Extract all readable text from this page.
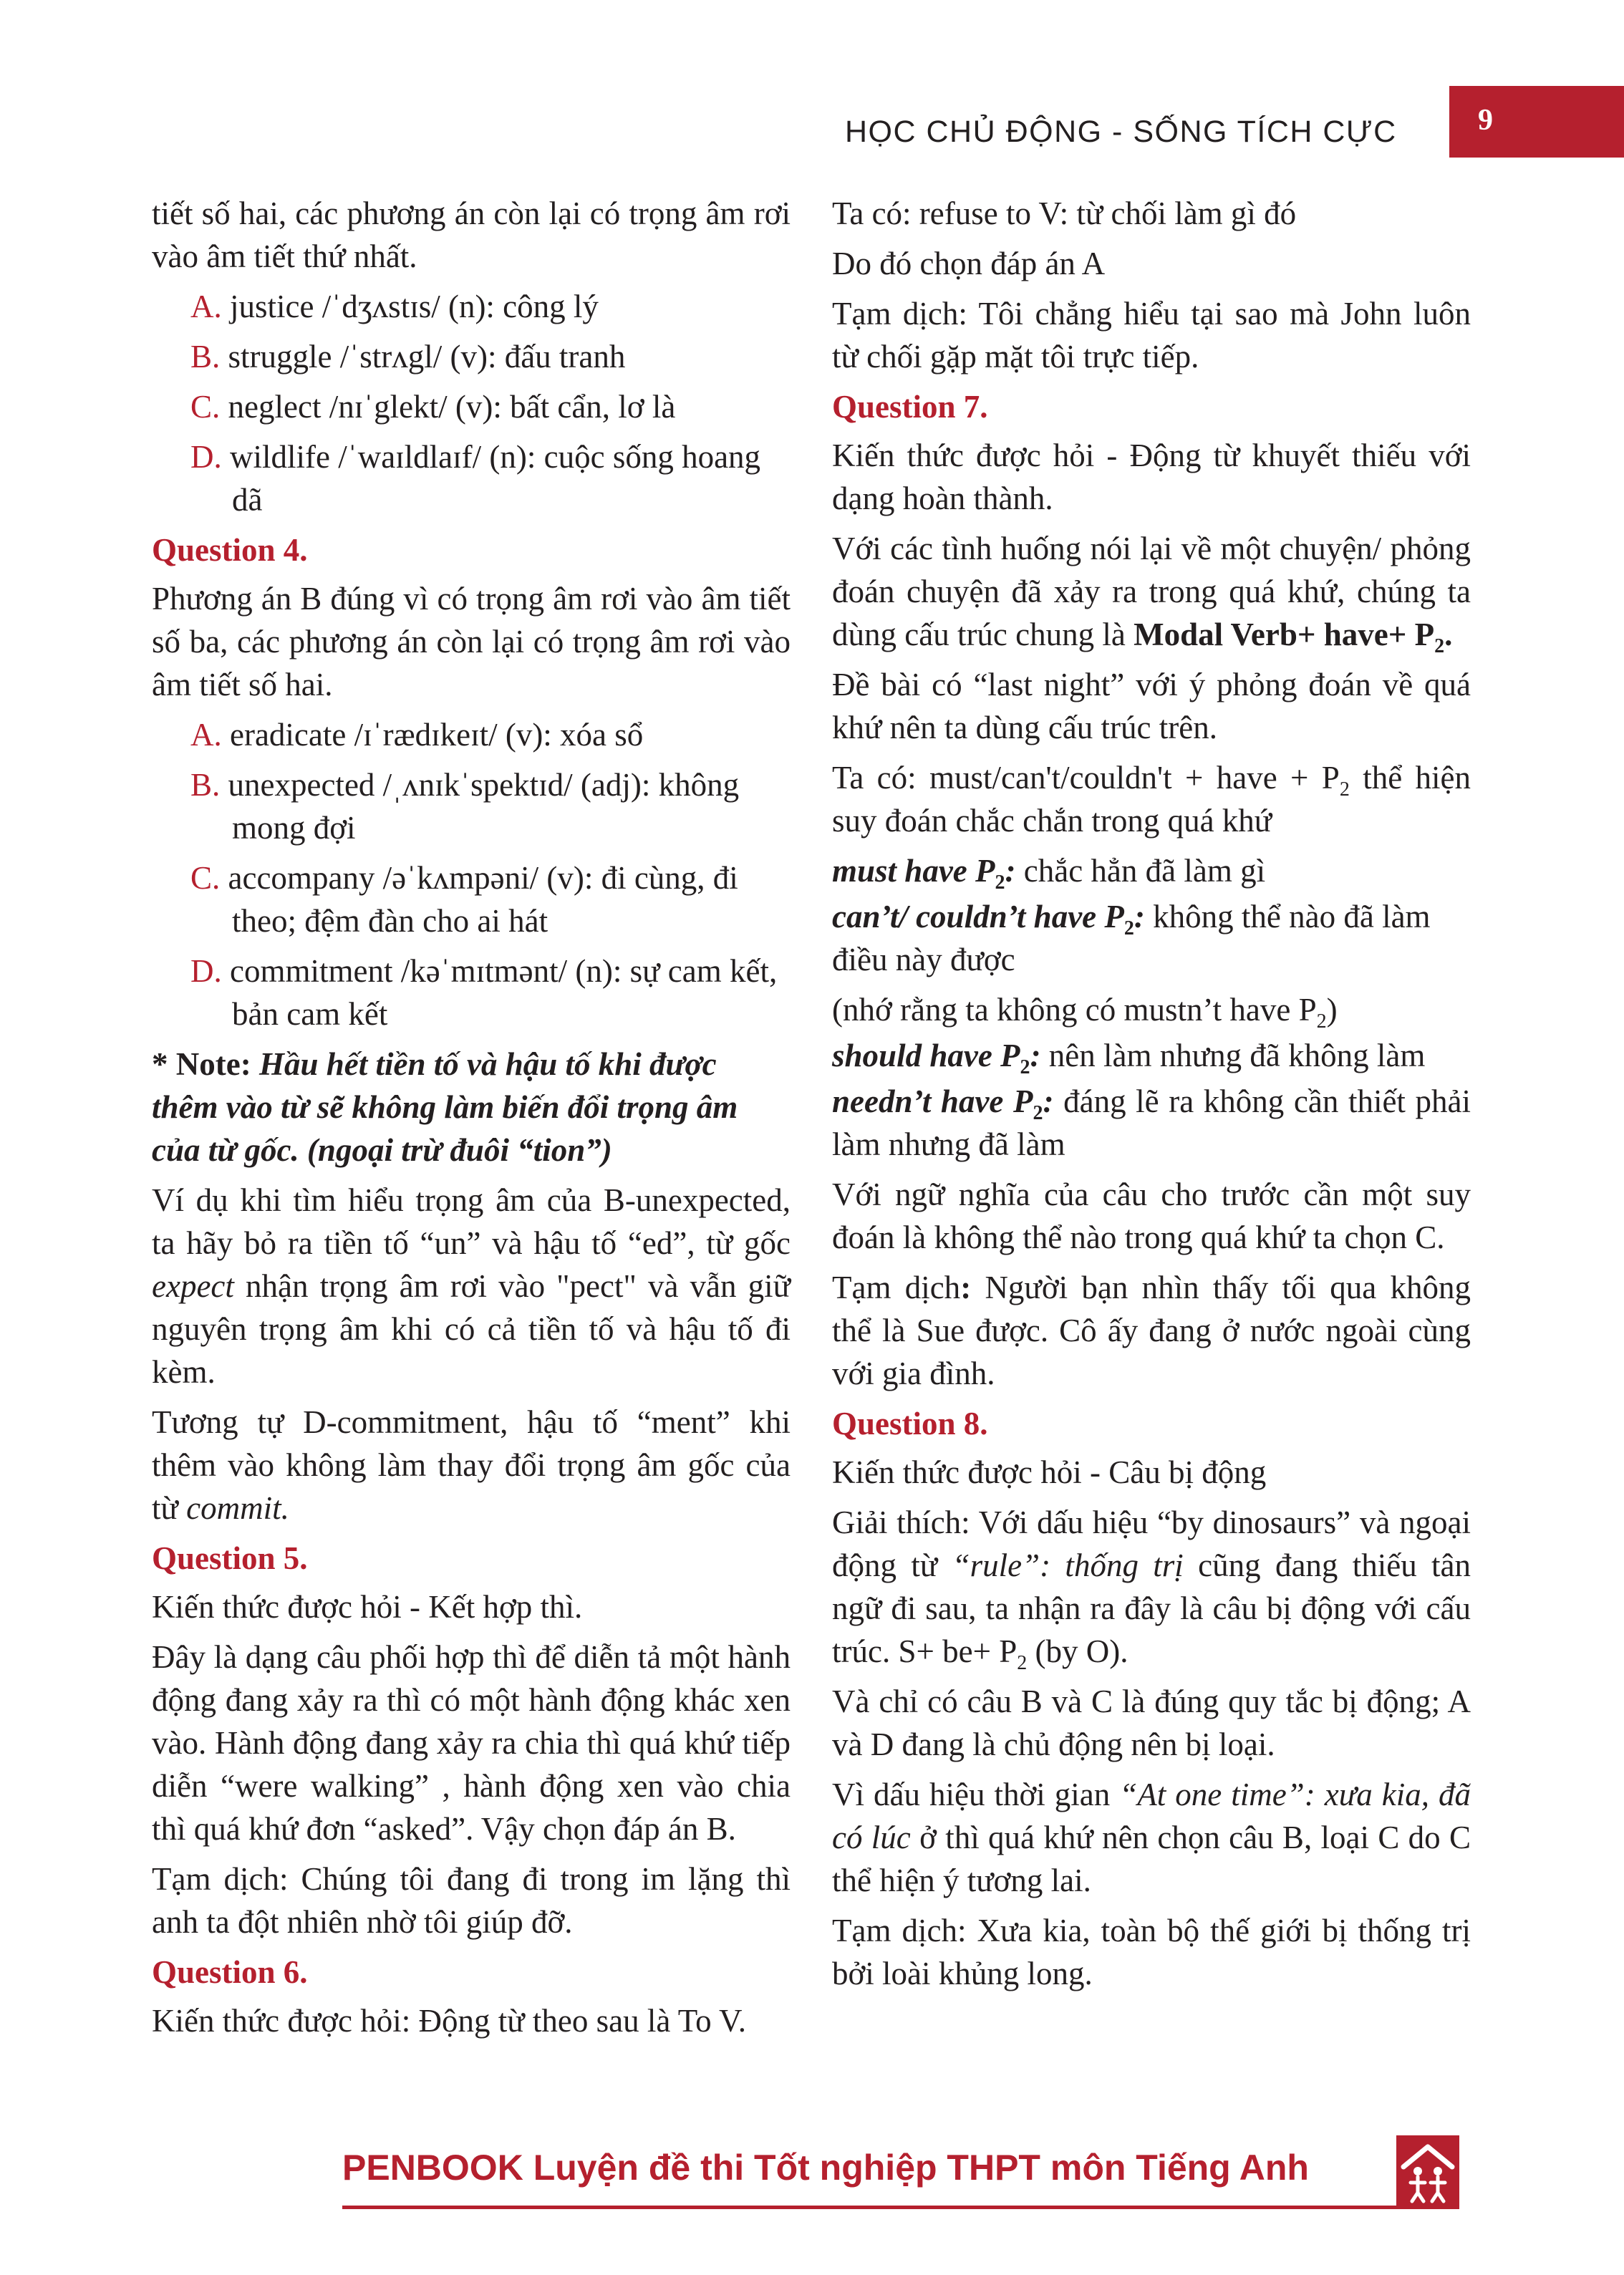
HỌC CHỦ ĐỘNG - SỐNG TÍCH CỰC	9

tiết số hai, các phương án còn lại có trọng âm rơi vào âm tiết thứ nhất.

A. justice /ˈdʒʌstɪs/ (n): công lý

B. struggle /ˈstrʌgl/ (v): đấu tranh

C. neglect /nɪˈglekt/ (v): bất cẩn, lơ là

D. wildlife /ˈwaɪldlaɪf/ (n): cuộc sống hoang dã

Question 4.

Phương án B đúng vì có trọng âm rơi vào âm tiết số ba, các phương án còn lại có trọng âm rơi vào âm tiết số hai.

A. eradicate /ɪˈrædɪkeɪt/ (v): xóa sổ

B. unexpected /ˌʌnɪkˈspektɪd/ (adj): không mong đợi

C. accompany /əˈkʌmpəni/ (v): đi cùng, đi theo; đệm đàn cho ai hát

D. commitment /kəˈmɪtmənt/ (n): sự cam kết, bản cam kết

* Note: Hầu hết tiền tố và hậu tố khi được thêm vào từ sẽ không làm biến đổi trọng âm của từ gốc. (ngoại trừ đuôi “tion”)

Ví dụ khi tìm hiểu trọng âm của B-unexpected, ta hãy bỏ ra tiền tố “un” và hậu tố “ed”, từ gốc expect nhận trọng âm rơi vào "pect" và vẫn giữ nguyên trọng âm khi có cả tiền tố và hậu tố đi kèm.

Tương tự D-commitment, hậu tố “ment” khi thêm vào không làm thay đổi trọng âm gốc của từ commit.

Question 5.

Kiến thức được hỏi - Kết hợp thì.

Đây là dạng câu phối hợp thì để diễn tả một hành động đang xảy ra thì có một hành động khác xen vào. Hành động đang xảy ra chia thì quá khứ tiếp diễn “were walking” , hành động xen vào chia thì quá khứ đơn “asked”. Vậy chọn đáp án B.

Tạm dịch: Chúng tôi đang đi trong im lặng thì anh ta đột nhiên nhờ tôi giúp đỡ.

Question 6.

Kiến thức được hỏi: Động từ theo sau là To V.

Ta có: refuse to V: từ chối làm gì đó

Do đó chọn đáp án A

Tạm dịch: Tôi chẳng hiểu tại sao mà John luôn từ chối gặp mặt tôi trực tiếp.

Question 7.

Kiến thức được hỏi - Động từ khuyết thiếu với dạng hoàn thành.

Với các tình huống nói lại về một chuyện/ phỏng đoán chuyện đã xảy ra trong quá khứ, chúng ta dùng cấu trúc chung là Modal Verb+ have+ $P_2$.

Đề bài có “last night” với ý phỏng đoán về quá khứ nên ta dùng cấu trúc trên.

Ta có: must/can't/couldn't + have + $P_2$ thể hiện suy đoán chắc chắn trong quá khứ

must have $P_2$: chắc hẳn đã làm gì

can’t/ couldn’t have $P_2$: không thể nào đã làm điều này được

(nhớ rằng ta không có mustn’t have $P_2$)

should have $P_2$: nên làm nhưng đã không làm

needn’t have $P_2$: đáng lẽ ra không cần thiết phải làm nhưng đã làm

Với ngữ nghĩa của câu cho trước cần một suy đoán là không thể nào trong quá khứ ta chọn C.

Tạm dịch: Người bạn nhìn thấy tối qua không thể là Sue được. Cô ấy đang ở nước ngoài cùng với gia đình.

Question 8.

Kiến thức được hỏi - Câu bị động

Giải thích: Với dấu hiệu “by dinosaurs” và ngoại động từ “rule”: thống trị cũng đang thiếu tân ngữ đi sau, ta nhận ra đây là câu bị động với cấu trúc. $S+ be+ P_2$ (by O).

Và chỉ có câu B và C là đúng quy tắc bị động; A và D đang là chủ động nên bị loại.

Vì dấu hiệu thời gian “At one time”: xưa kia, đã có lúc ở thì quá khứ nên chọn câu B, loại C do C thể hiện ý tương lai.

Tạm dịch: Xưa kia, toàn bộ thế giới bị thống trị bởi loài khủng long.

PENBOOK Luyện đề thi Tốt nghiệp THPT môn Tiếng Anh
